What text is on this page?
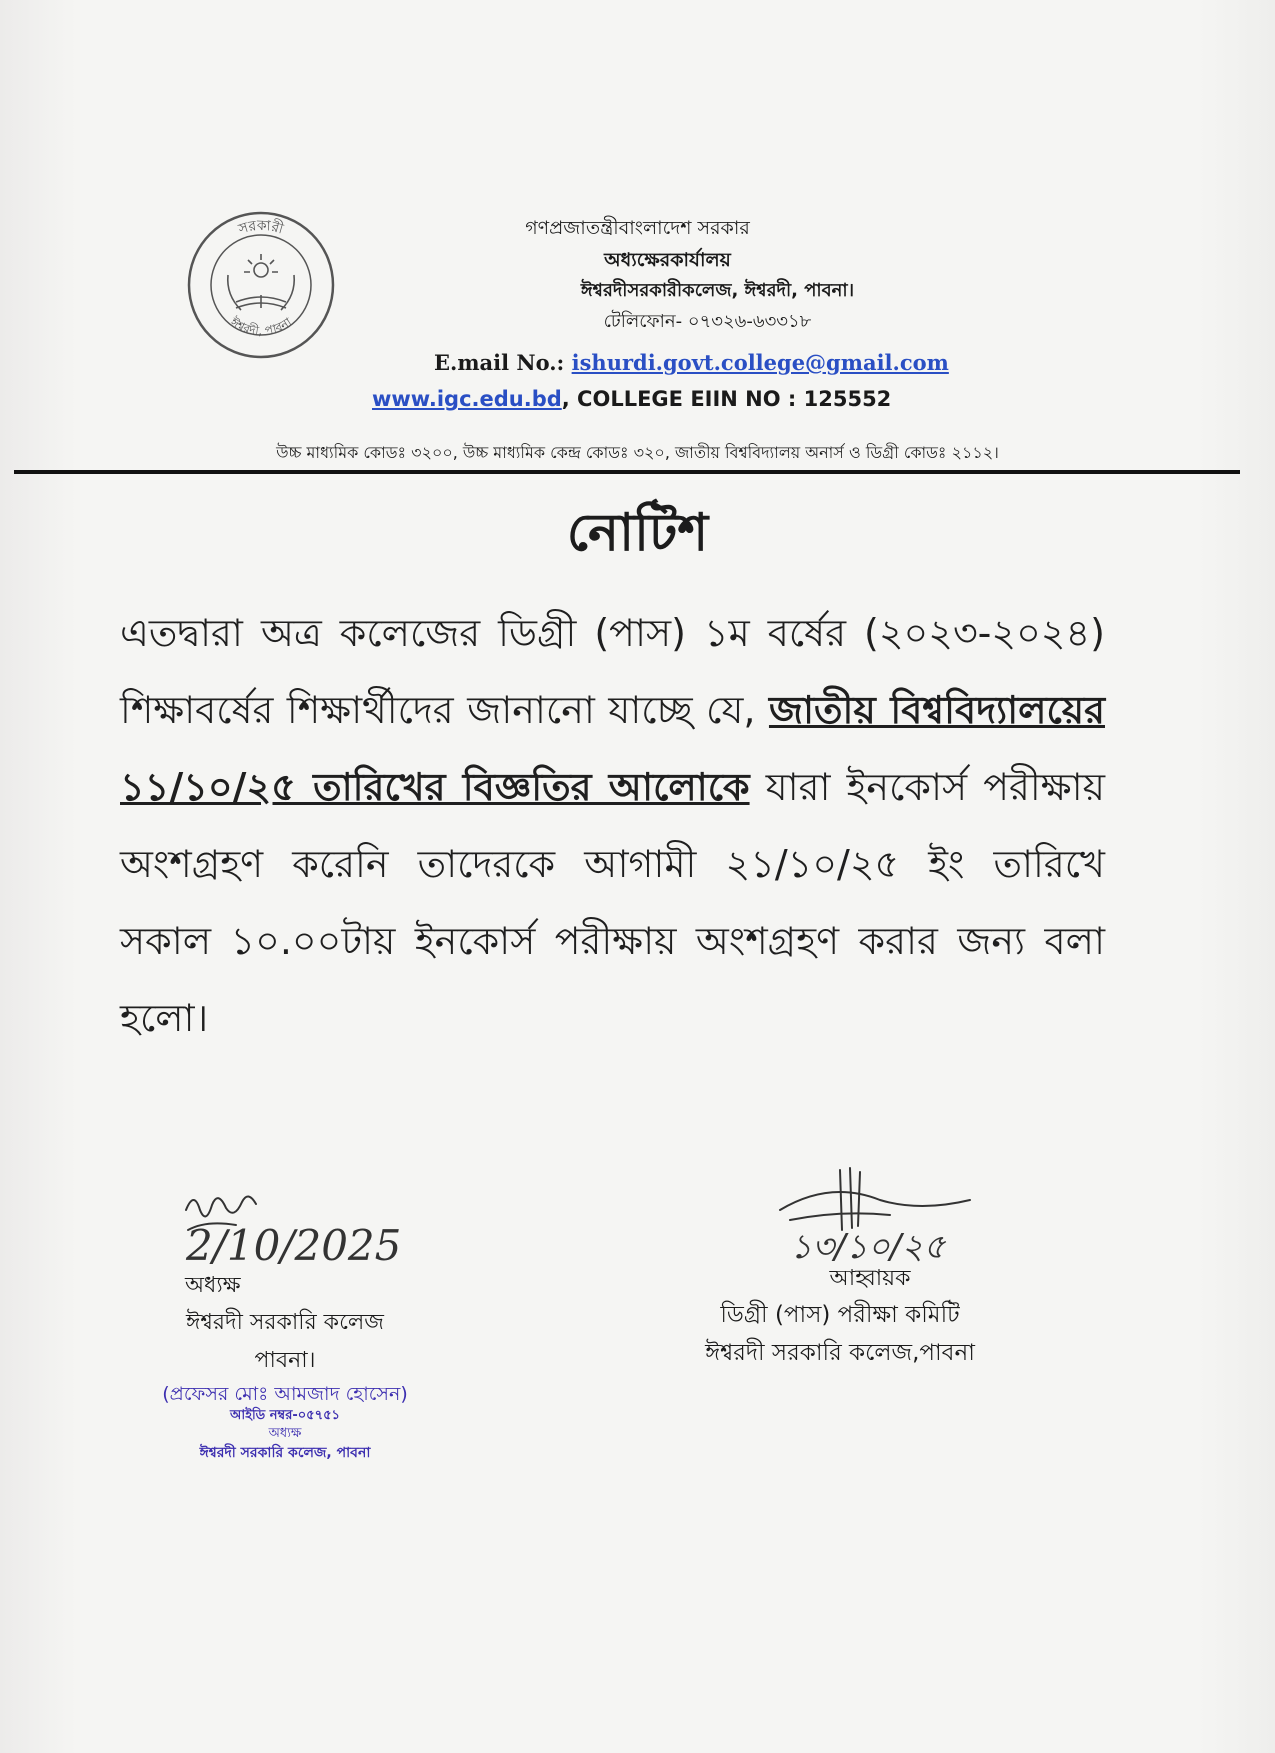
সরকারী
ঈশ্বরদী, পাবনা
গণপ্রজাতন্ত্রীবাংলাদেশ সরকার
অধ্যক্ষেরকার্যালয়
ঈশ্বরদীসরকারীকলেজ, ঈশ্বরদী, পাবনা।
টেলিফোন- ০৭৩২৬-৬৩৩১৮
E.mail No.: ishurdi.govt.college@gmail.com
www.igc.edu.bd, COLLEGE EIIN NO : 125552
উচ্চ মাধ্যমিক কোডঃ ৩২০০, উচ্চ মাধ্যমিক কেন্দ্র কোডঃ ৩২০, জাতীয় বিশ্ববিদ্যালয় অনার্স ও ডিগ্রী কোডঃ ২১১২।
নোটিশ
এতদ্বারা অত্র কলেজের ডিগ্রী (পাস) ১ম বর্ষের (২০২৩-২০২৪) শিক্ষাবর্ষের শিক্ষার্থীদের জানানো যাচ্ছে যে, জাতীয় বিশ্ববিদ্যালয়ের ১১/১০/২৫ তারিখের বিজ্ঞতির আলোকে যারা ইনকোর্স পরীক্ষায় অংশগ্রহণ করেনি তাদেরকে আগামী ২১/১০/২৫ ইং তারিখে সকাল ১০.০০টায় ইনকোর্স পরীক্ষায় অংশগ্রহণ করার জন্য বলা হলো।
2/10/2025
অধ্যক্ষ
ঈশ্বরদী সরকারি কলেজ
পাবনা।
(প্রফেসর মোঃ আমজাদ হোসেন)
আইডি নম্বর-০৫৭৫১
অধ্যক্ষ
ঈশ্বরদী সরকারি কলেজ, পাবনা
১৩/১০/২৫
আহ্বায়ক
ডিগ্রী (পাস) পরীক্ষা কমিটি
ঈশ্বরদী সরকারি কলেজ,পাবনা
